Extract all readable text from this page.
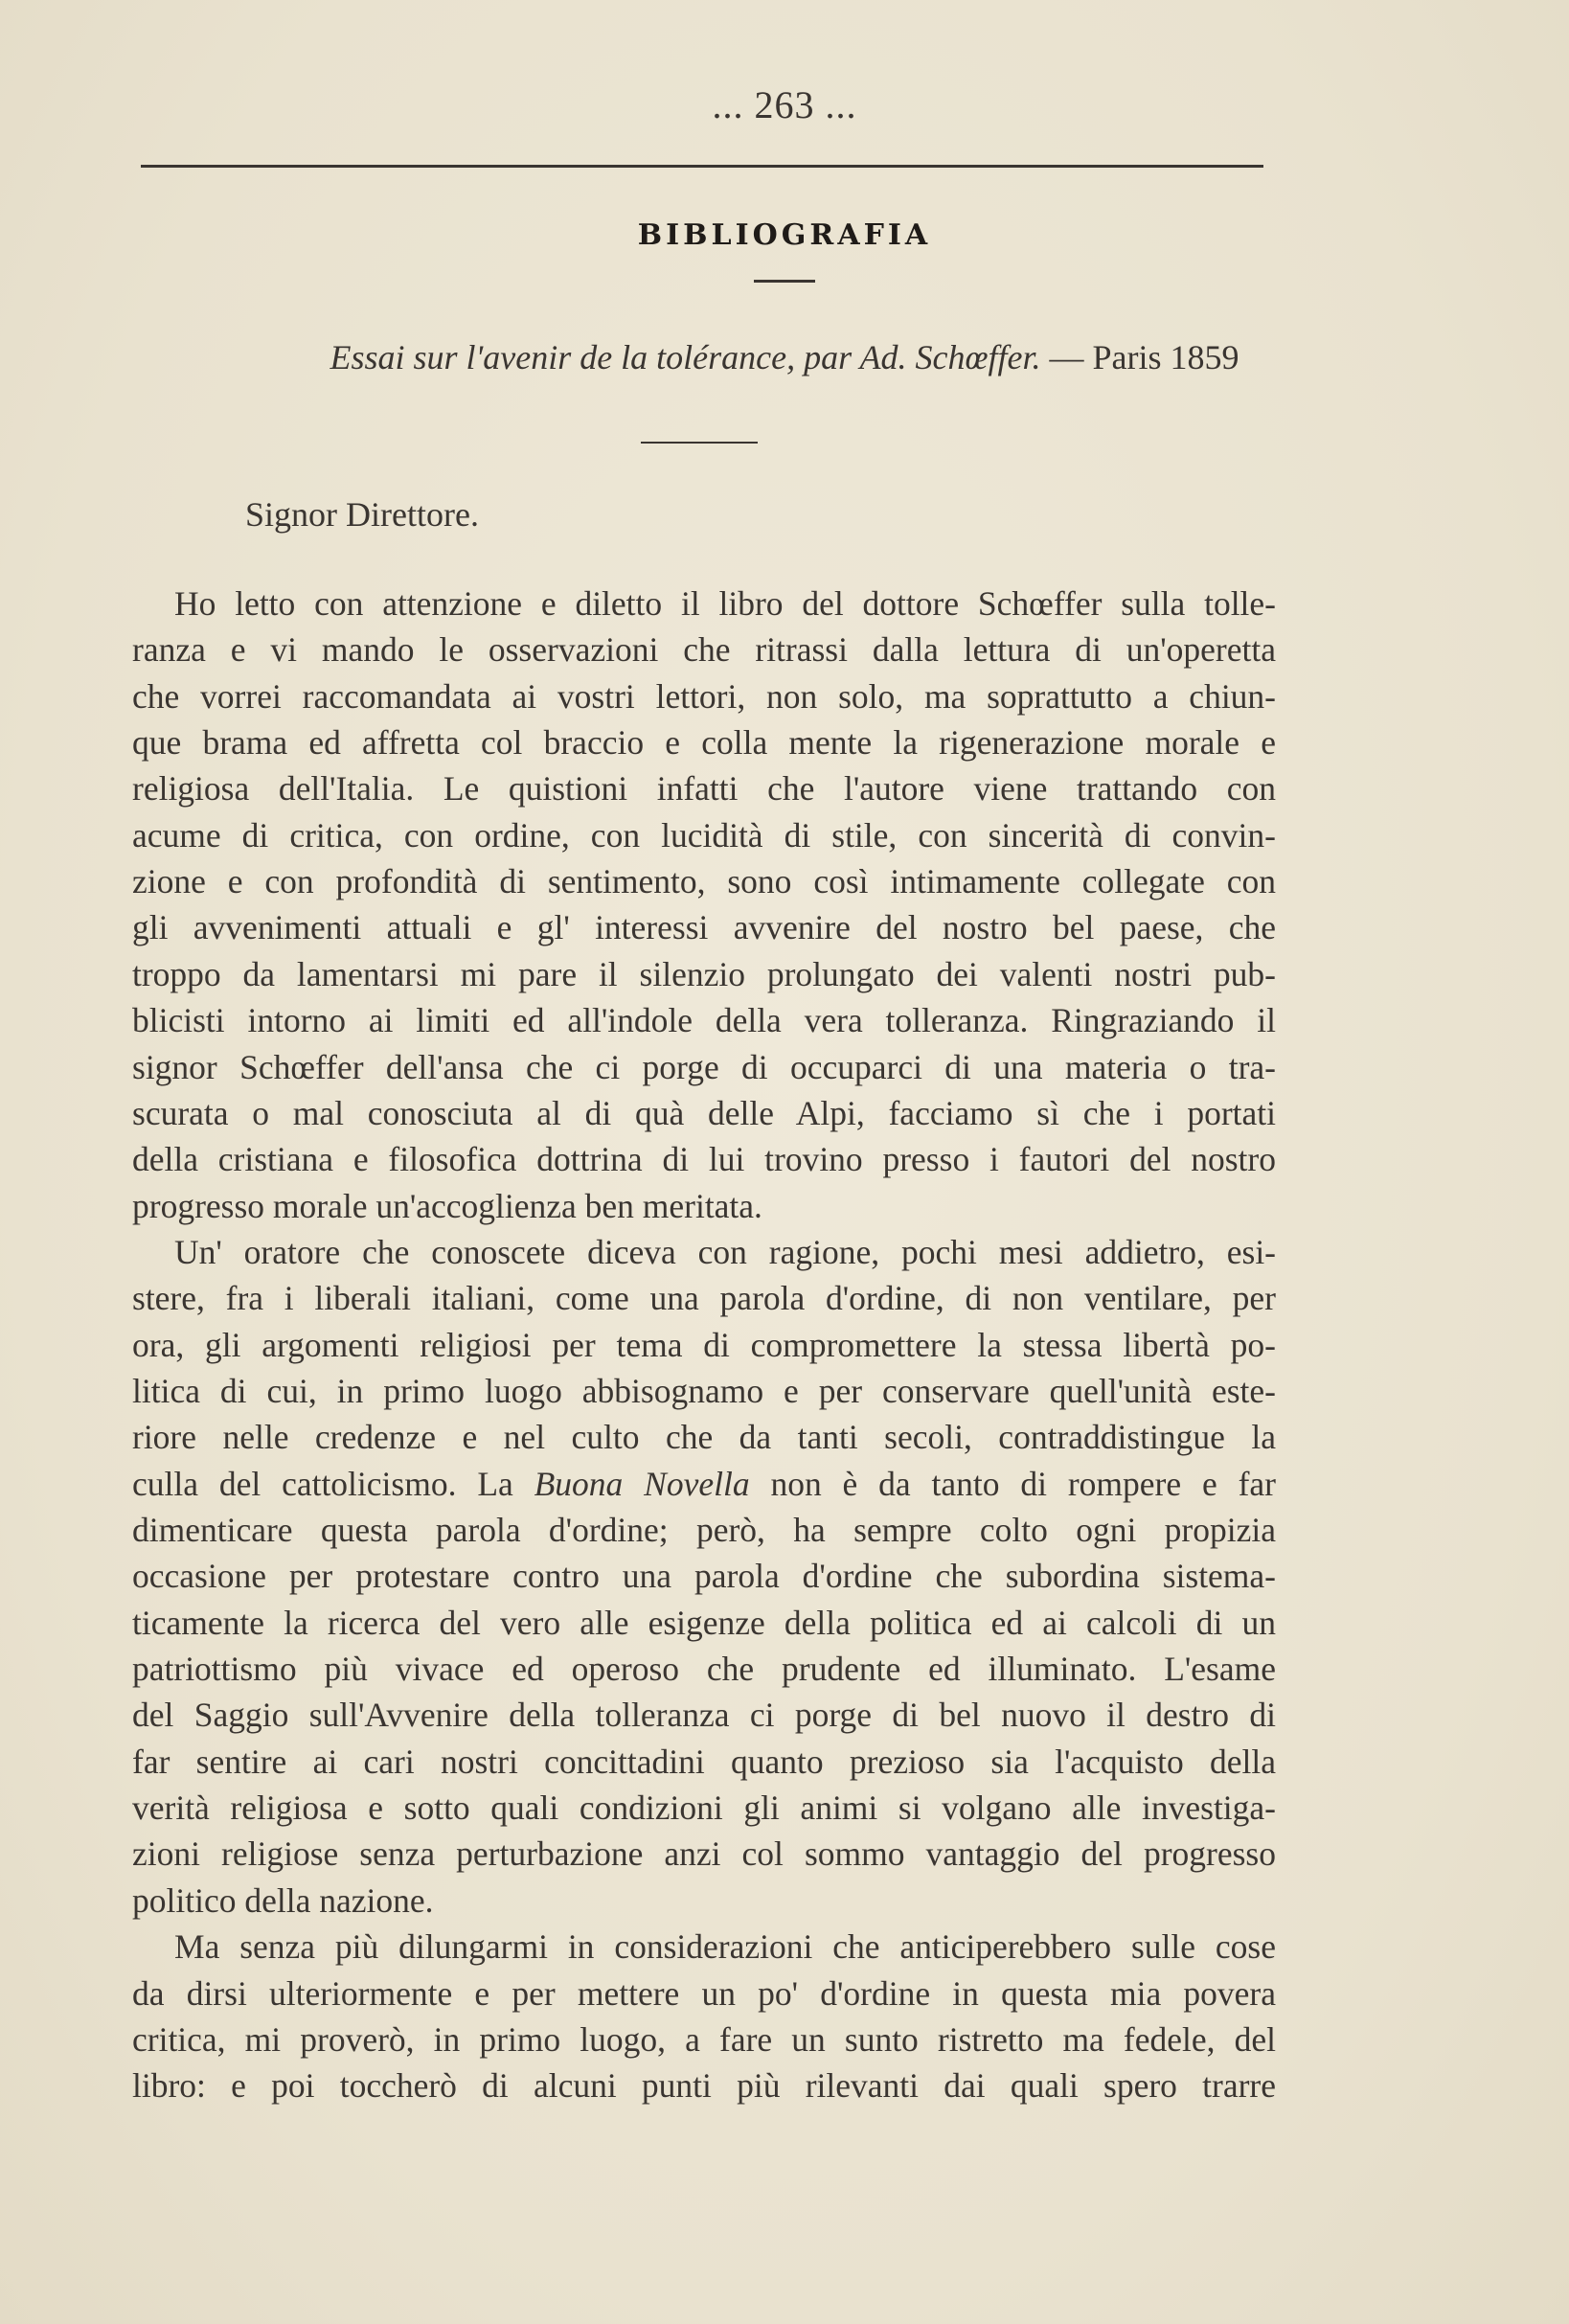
... 263 ...
BIBLIOGRAFIA
Essai sur l'avenir de la tolérance, par Ad. Schœffer. — Paris 1859
Signor Direttore.
Ho letto con attenzione e diletto il libro del dottore Schœffer sulla tolle-
ranza e vi mando le osservazioni che ritrassi dalla lettura di un'operetta
che vorrei raccomandata ai vostri lettori, non solo, ma soprattutto a chiun-
que brama ed affretta col braccio e colla mente la rigenerazione morale e
religiosa dell'Italia. Le quistioni infatti che l'autore viene trattando con
acume di critica, con ordine, con lucidità di stile, con sincerità di convin-
zione e con profondità di sentimento, sono così intimamente collegate con
gli avvenimenti attuali e gl' interessi avvenire del nostro bel paese, che
troppo da lamentarsi mi pare il silenzio prolungato dei valenti nostri pub-
blicisti intorno ai limiti ed all'indole della vera tolleranza. Ringraziando il
signor Schœffer dell'ansa che ci porge di occuparci di una materia o tra-
scurata o mal conosciuta al di quà delle Alpi, facciamo sì che i portati
della cristiana e filosofica dottrina di lui trovino presso i fautori del nostro
progresso morale un'accoglienza ben meritata.
Un' oratore che conoscete diceva con ragione, pochi mesi addietro, esi-
stere, fra i liberali italiani, come una parola d'ordine, di non ventilare, per
ora, gli argomenti religiosi per tema di compromettere la stessa libertà po-
litica di cui, in primo luogo abbisognamo e per conservare quell'unità este-
riore nelle credenze e nel culto che da tanti secoli, contraddistingue la
culla del cattolicismo. La Buona Novella non è da tanto di rompere e far
dimenticare questa parola d'ordine; però, ha sempre colto ogni propizia
occasione per protestare contro una parola d'ordine che subordina sistema-
ticamente la ricerca del vero alle esigenze della politica ed ai calcoli di un
patriottismo più vivace ed operoso che prudente ed illuminato. L'esame
del Saggio sull'Avvenire della tolleranza ci porge di bel nuovo il destro di
far sentire ai cari nostri concittadini quanto prezioso sia l'acquisto della
verità religiosa e sotto quali condizioni gli animi si volgano alle investiga-
zioni religiose senza perturbazione anzi col sommo vantaggio del progresso
politico della nazione.
Ma senza più dilungarmi in considerazioni che anticiperebbero sulle cose
da dirsi ulteriormente e per mettere un po' d'ordine in questa mia povera
critica, mi proverò, in primo luogo, a fare un sunto ristretto ma fedele, del
libro: e poi toccherò di alcuni punti più rilevanti dai quali spero trarre
